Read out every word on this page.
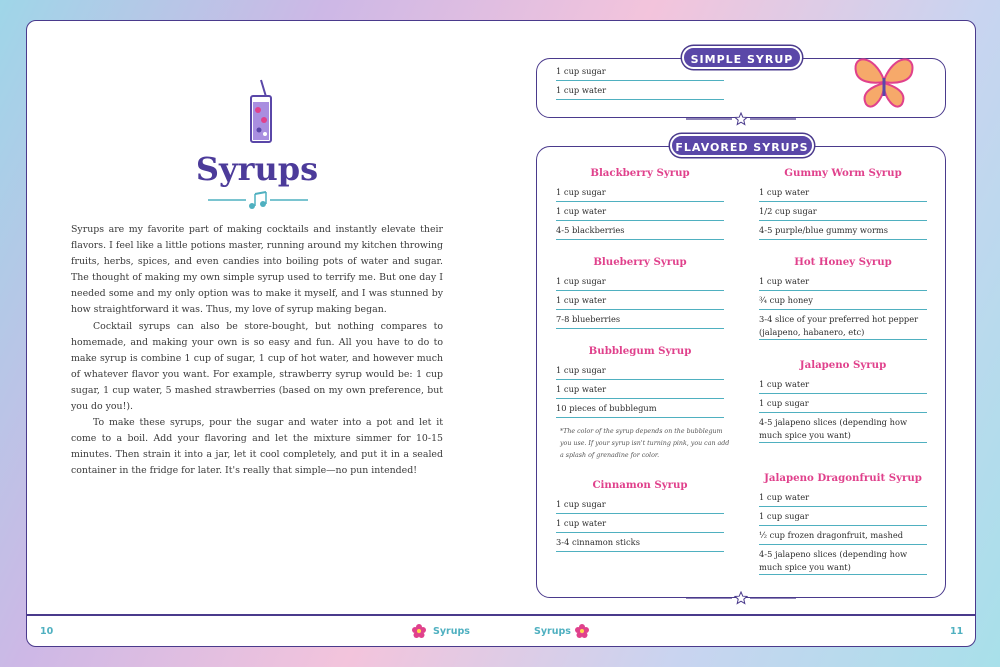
Syrups

Syrups are my favorite part of making cocktails and instantly elevate their flavors. I feel like a little potions master, running around my kitchen throwing fruits, herbs, spices, and even candies into boiling pots of water and sugar. The thought of making my own simple syrup used to terrify me. But one day I needed some and my only option was to make it myself, and I was stunned by how straightforward it was. Thus, my love of syrup making began.

Cocktail syrups can also be store-bought, but nothing compares to homemade, and making your own is so easy and fun. All you have to do to make syrup is combine 1 cup of sugar, 1 cup of hot water, and however much of whatever flavor you want. For example, strawberry syrup would be: 1 cup sugar, 1 cup water, 5 mashed strawberries (based on my own preference, but you do you!).

To make these syrups, pour the sugar and water into a pot and let it come to a boil. Add your flavoring and let the mixture simmer for 10-15 minutes. Then strain it into a jar, let it cool completely, and put it in a sealed container in the fridge for later. It's really that simple—no pun intended!

SIMPLE SYRUP
1 cup sugar
1 cup water
FLAVORED SYRUPS
Blackberry Syrup
1 cup sugar
1 cup water
4-5 blackberries
Blueberry Syrup
1 cup sugar
1 cup water
7-8 blueberries
Bubblegum Syrup
1 cup sugar
1 cup water
10 pieces of bubblegum
*The color of the syrup depends on the bubblegum you use. If your syrup isn't turning pink, you can add a splash of grenadine for color.
Cinnamon Syrup
1 cup sugar
1 cup water
3-4 cinnamon sticks
Gummy Worm Syrup
1 cup water
1/2 cup sugar
4-5 purple/blue gummy worms
Hot Honey Syrup
1 cup water
¾ cup honey
3-4 slice of your preferred hot pepper (jalapeno, habanero, etc)
Jalapeno Syrup
1 cup water
1 cup sugar
4-5 jalapeno slices (depending how much spice you want)
Jalapeno Dragonfruit Syrup
1 cup water
1 cup sugar
½ cup frozen dragonfruit, mashed
4-5 jalapeno slices (depending how much spice you want)
10	Syrups	Syrups	11
